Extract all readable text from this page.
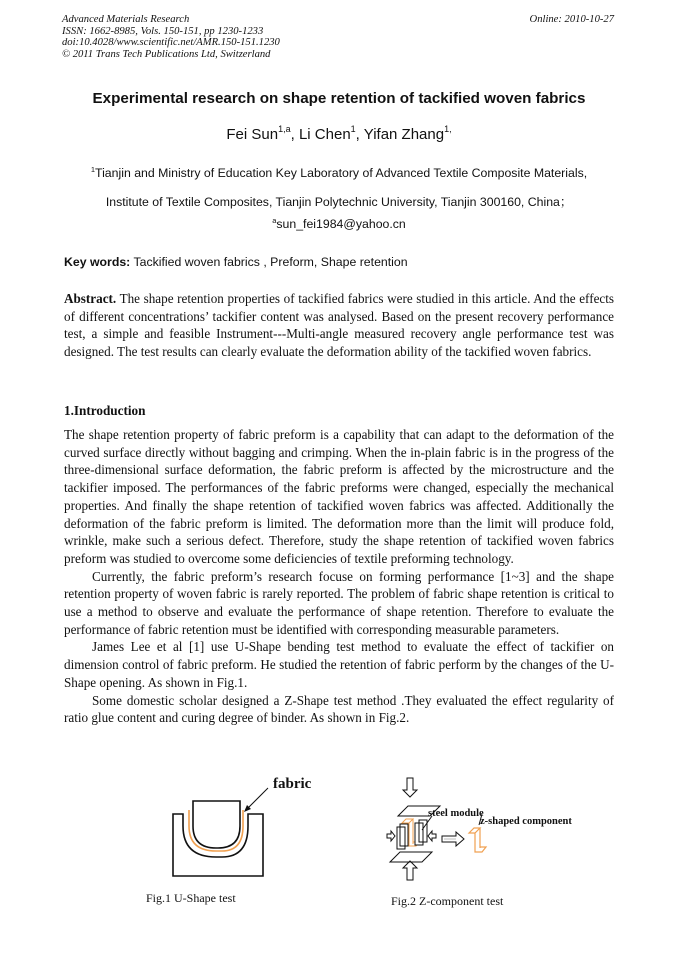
Advanced Materials Research
ISSN: 1662-8985, Vols. 150-151, pp 1230-1233
doi:10.4028/www.scientific.net/AMR.150-151.1230
© 2011 Trans Tech Publications Ltd, Switzerland
Online: 2010-10-27
Experimental research on shape retention of tackified woven fabrics
Fei Sun$^{1,a}$, Li Chen$^1$, Yifan Zhang$^{1,}$
$^1$Tianjin and Ministry of Education Key Laboratory of Advanced Textile Composite Materials,
Institute of Textile Composites, Tianjin Polytechnic University, Tianjin 300160, China；
$^a$sun_fei1984@yahoo.cn
Key words: Tackified woven fabrics , Preform, Shape retention

Abstract. The shape retention properties of tackified fabrics were studied in this article. And the effects of different concentrations’ tackifier content was analysed. Based on the present recovery performance test, a simple and feasible Instrument---Multi-angle measured recovery angle performance test was designed. The test results can clearly evaluate the deformation ability of the tackified woven fabrics.

1.Introduction

The shape retention property of fabric preform is a capability that can adapt to the deformation of the curved surface directly without bagging and crimping. When the in-plain fabric is in the progress of the three-dimensional surface deformation, the fabric preform is affected by the microstructure and the tackifier imposed. The performances of the fabric preforms were changed, especially the mechanical properties. And finally the shape retention of tackified woven fabrics was affected. Additionally the deformation of the fabric preform is limited. The deformation more than the limit will produce fold, wrinkle, make such a serious defect. Therefore, study the shape retention of tackified woven fabrics preform was studied to overcome some deficiencies of textile preforming technology.

Currently, the fabric preform’s research focuse on forming performance [1~3] and the shape retention property of woven fabric is rarely reported. The problem of fabric shape retention is critical to use a method to observe and evaluate the performance of shape retention. Therefore to evaluate the performance of fabric retention must be identified with corresponding measurable parameters.

James Lee et al [1] use U-Shape bending test method to evaluate the effect of tackifier on dimension control of fabric preform. He studied the retention of fabric perform by the changes of the U-Shape opening. As shown in Fig.1.

Some domestic scholar designed a Z-Shape test method .They evaluated the effect regularity of ratio glue content and curing degree of binder. As shown in Fig.2.

fabric
Fig.1 U-Shape test
steel module
z-shaped component
Fig.2 Z-component test
